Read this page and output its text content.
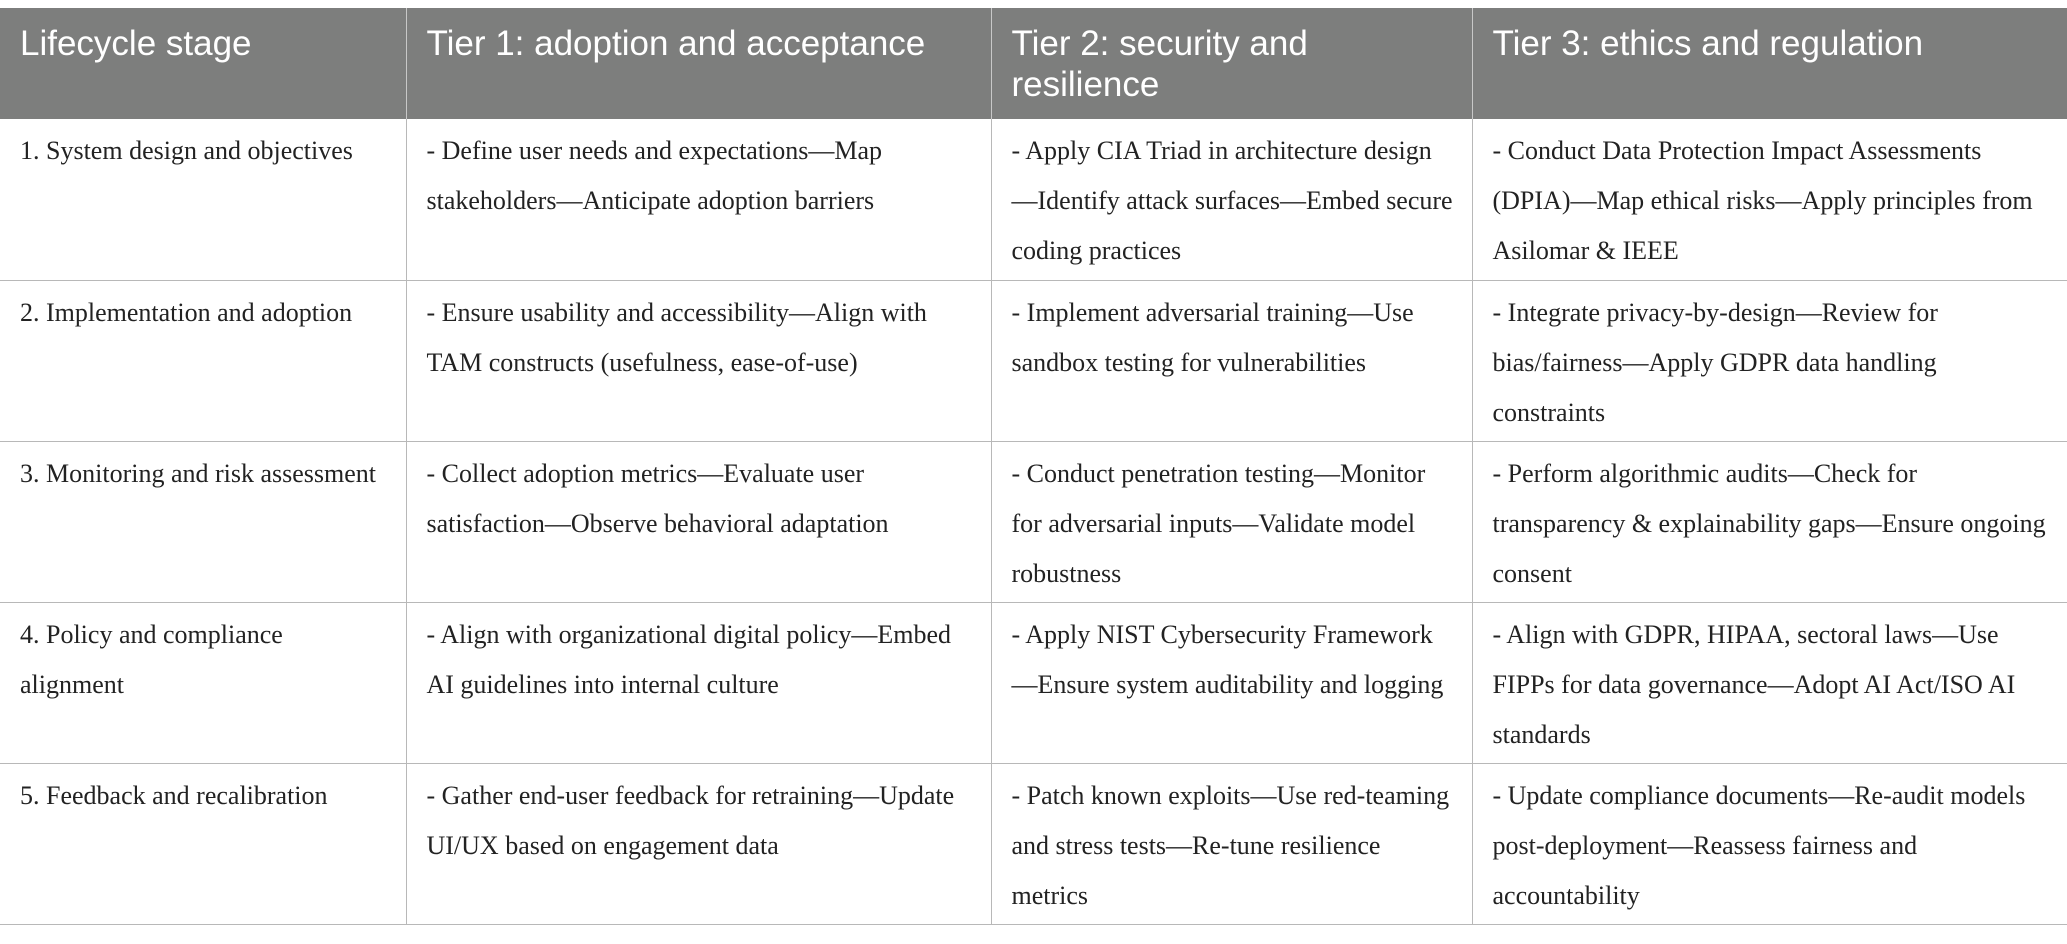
Lifecycle stage	Tier 1: adoption and acceptance	Tier 2: security and resilience	Tier 3: ethics and regulation
1. System design and objectives	- Define user needs and expectations—Map stakeholders—Anticipate adoption barriers	- Apply CIA Triad in architecture design—Identify attack surfaces—Embed secure coding practices	- Conduct Data Protection Impact Assessments (DPIA)—Map ethical risks—Apply principles from Asilomar & IEEE
2. Implementation and adoption	- Ensure usability and accessibility—Align with TAM constructs (usefulness, ease-of-use)	- Implement adversarial training—Use sandbox testing for vulnerabilities	- Integrate privacy-by-design—Review for bias/fairness—Apply GDPR data handling constraints
3. Monitoring and risk assessment	- Collect adoption metrics—Evaluate user satisfaction—Observe behavioral adaptation	- Conduct penetration testing—Monitor for adversarial inputs—Validate model robustness	- Perform algorithmic audits—Check for transparency & explainability gaps—Ensure ongoing consent
4. Policy and compliance alignment	- Align with organizational digital policy—Embed AI guidelines into internal culture	- Apply NIST Cybersecurity Framework—Ensure system auditability and logging	- Align with GDPR, HIPAA, sectoral laws—Use FIPPs for data governance—Adopt AI Act/ISO AI standards
5. Feedback and recalibration	- Gather end-user feedback for retraining—Update UI/UX based on engagement data	- Patch known exploits—Use red-teaming and stress tests—Re-tune resilience metrics	- Update compliance documents—Re-audit models post-deployment—Reassess fairness and accountability
